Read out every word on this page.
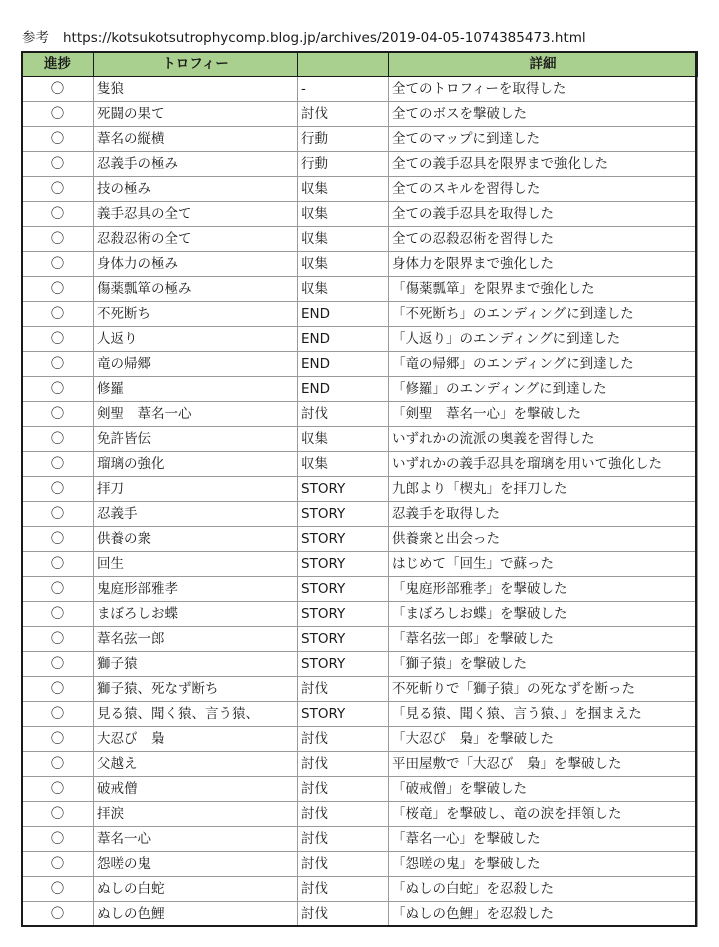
参考 https://kotsukotsutrophycomp.blog.jp/archives/2019-04-05-1074385473.html
進捗	トロフィー		詳細
〇	隻狼	-	全てのトロフィーを取得した
〇	死闘の果て	討伐	全てのボスを撃破した
〇	葦名の縦横	行動	全てのマップに到達した
〇	忍義手の極み	行動	全ての義手忍具を限界まで強化した
〇	技の極み	収集	全てのスキルを習得した
〇	義手忍具の全て	収集	全ての義手忍具を取得した
〇	忍殺忍術の全て	収集	全ての忍殺忍術を習得した
〇	身体力の極み	収集	身体力を限界まで強化した
〇	傷薬瓢箪の極み	収集	「傷薬瓢箪」を限界まで強化した
〇	不死断ち	END	「不死断ち」のエンディングに到達した
〇	人返り	END	「人返り」のエンディングに到達した
〇	竜の帰郷	END	「竜の帰郷」のエンディングに到達した
〇	修羅	END	「修羅」のエンディングに到達した
〇	剣聖　葦名一心	討伐	「剣聖　葦名一心」を撃破した
〇	免許皆伝	収集	いずれかの流派の奥義を習得した
〇	瑠璃の強化	収集	いずれかの義手忍具を瑠璃を用いて強化した
〇	拝刀	STORY	九郎より「楔丸」を拝刀した
〇	忍義手	STORY	忍義手を取得した
〇	供養の衆	STORY	供養衆と出会った
〇	回生	STORY	はじめて「回生」で蘇った
〇	鬼庭形部雅孝	STORY	「鬼庭形部雅孝」を撃破した
〇	まぼろしお蝶	STORY	「まぼろしお蝶」を撃破した
〇	葦名弦一郎	STORY	「葦名弦一郎」を撃破した
〇	獅子猿	STORY	「獅子猿」を撃破した
〇	獅子猿、死なず断ち	討伐	不死斬りで「獅子猿」の死なずを断った
〇	見る猿、聞く猿、言う猿、	STORY	「見る猿、聞く猿、言う猿、」を掴まえた
〇	大忍び　梟	討伐	「大忍び　梟」を撃破した
〇	父越え	討伐	平田屋敷で「大忍び　梟」を撃破した
〇	破戒僧	討伐	「破戒僧」を撃破した
〇	拝涙	討伐	「桜竜」を撃破し、竜の涙を拝領した
〇	葦名一心	討伐	「葦名一心」を撃破した
〇	怨嗟の鬼	討伐	「怨嗟の鬼」を撃破した
〇	ぬしの白蛇	討伐	「ぬしの白蛇」を忍殺した
〇	ぬしの色鯉	討伐	「ぬしの色鯉」を忍殺した
